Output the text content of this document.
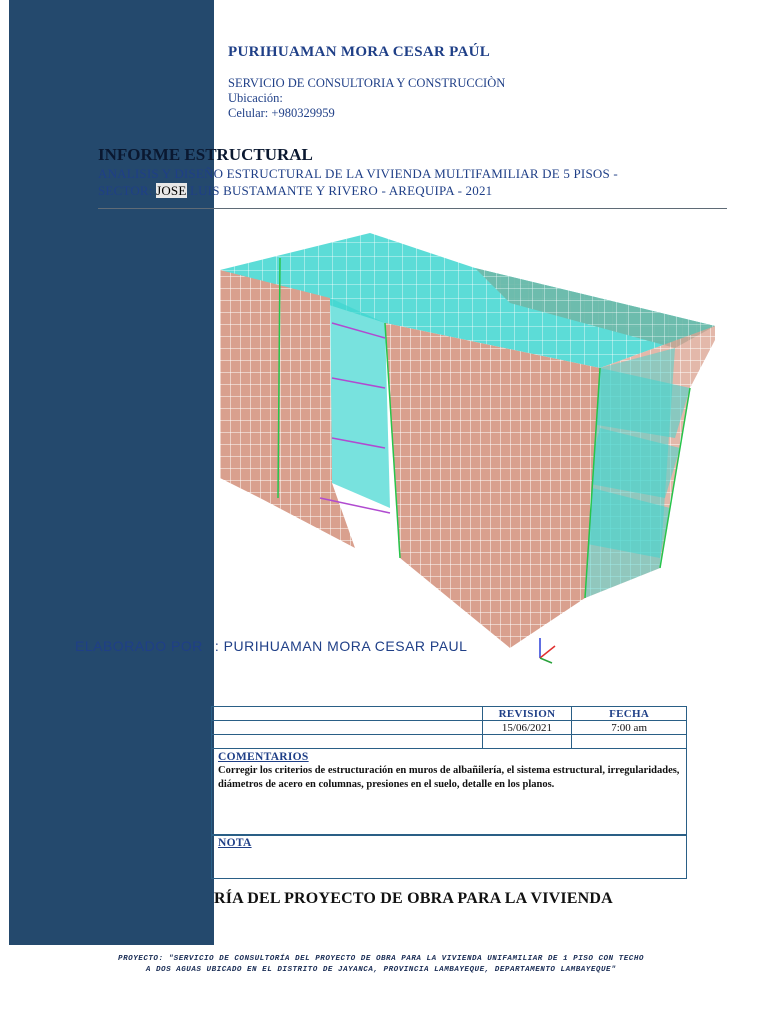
PURIHUAMAN MORA CESAR PAÚL
SERVICIO DE CONSULTORIA Y CONSTRUCCIÒN
Ubicación:
Celular: +980329959
INFORME ESTRUCTURAL
ANALISIS Y DISEÑO ESTRUCTURAL DE LA VIVIENDA MULTIFAMILIAR DE 5 PISOS -
SECTOR: JOSE LUIS BUSTAMANTE Y RIVERO - AREQUIPA - 2021
ELABORADO POR : PURIHUAMAN MORA CESAR PAUL
	REVISION	FECHA
	15/06/2021	7:00 am

COMENTARIOS
Corregir los criterios de estructuración en muros de albañilería, el sistema estructural, irregularidades, diámetros de acero en columnas, presiones en el suelo, detalle en los planos.
NOTA
RÍA DEL PROYECTO DE OBRA PARA LA VIVIENDA
PROYECTO: "SERVICIO DE CONSULTORÍA DEL PROYECTO DE OBRA PARA LA VIVIENDA UNIFAMILIAR DE 1 PISO CON TECHO
A DOS AGUAS UBICADO EN EL DISTRITO DE JAYANCA, PROVINCIA LAMBAYEQUE, DEPARTAMENTO LAMBAYEQUE"
